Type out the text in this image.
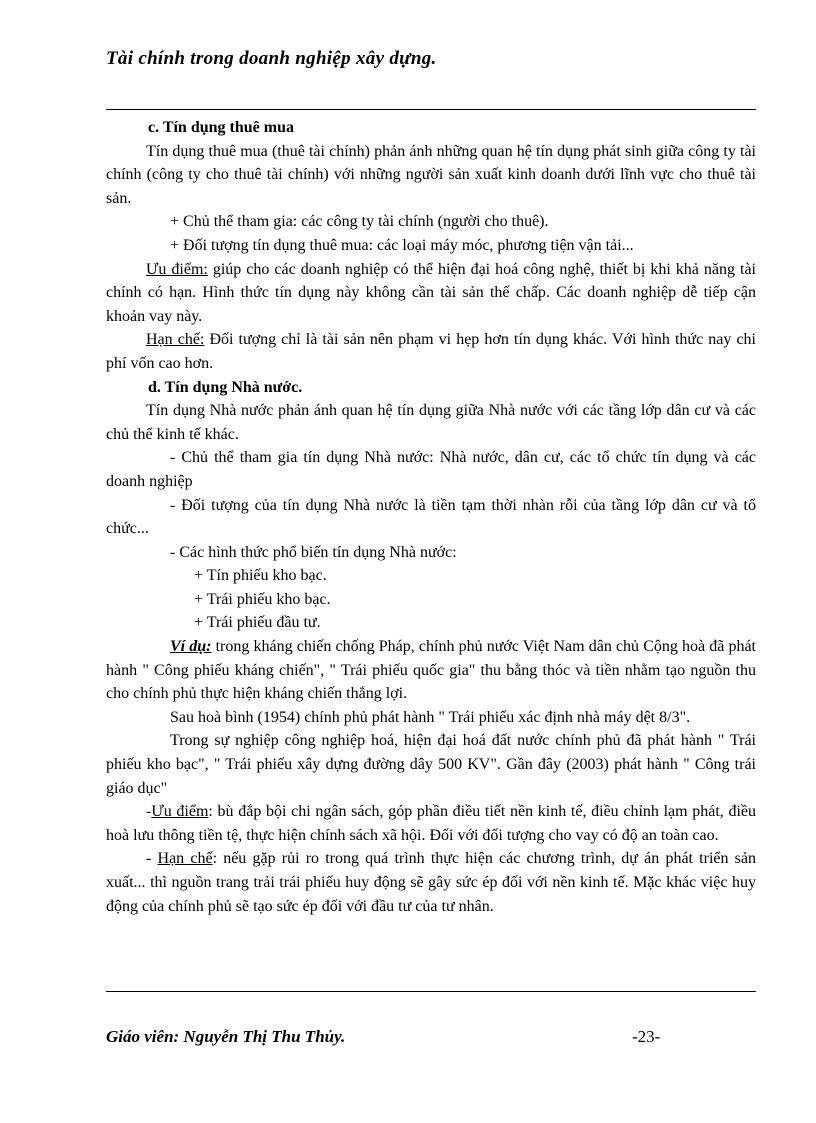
Tài chính trong doanh nghiệp xây dựng.

c. Tín dụng thuê mua

Tín dụng thuê mua (thuê tài chính) phản ánh những quan hệ tín dụng phát sinh giữa công ty tài chính (công ty cho thuê tài chính) với những người sản xuất kinh doanh dưới lĩnh vực cho thuê tài sản.

+ Chủ thể tham gia: các công ty tài chính (người cho thuê).

+ Đối tượng tín dụng thuê mua: các loại máy móc, phương tiện vận tải...

Ưu điểm: giúp cho các doanh nghiệp có thể hiện đại hoá công nghệ, thiết bị khi khả năng tài chính có hạn. Hình thức tín dụng này không cần tài sản thế chấp. Các doanh nghiệp dễ tiếp cận khoản vay này.

Hạn chế: Đối tượng chỉ là tài sản nên phạm vi hẹp hơn tín dụng khác. Với hình thức nay chi phí vốn cao hơn.

d. Tín dụng Nhà nước.

Tín dụng Nhà nước phản ánh quan hệ tín dụng giữa Nhà nước với các tầng lớp dân cư và các chủ thể kinh tế khác.

- Chủ thể tham gia tín dụng Nhà nước: Nhà nước, dân cư, các tổ chức tín dụng và các doanh nghiệp

- Đối tượng của tín dụng Nhà nước là tiền tạm thời nhàn rỗi của tầng lớp dân cư và tổ chức...

- Các hình thức phổ biến tín dụng Nhà nước:

+ Tín phiếu kho bạc.

+ Trái phiếu kho bạc.

+ Trái phiếu đầu tư.

Ví dụ: trong kháng chiến chống Pháp, chính phủ nước Việt Nam dân chủ Cộng hoà đã phát hành " Công phiếu kháng chiến", " Trái phiếu quốc gia" thu bằng thóc và tiền nhằm tạo nguồn thu cho chính phủ thực hiện kháng chiến thắng lợi.

Sau hoà bình (1954) chính phủ phát hành " Trái phiếu xác định nhà máy dệt 8/3".

Trong sự nghiệp công nghiệp hoá, hiện đại hoá đất nước chính phủ đã phát hành " Trái phiếu kho bạc", " Trái phiếu xây dựng đường dây 500 KV". Gần đây (2003) phát hành " Công trái giáo dục"

-Ưu điểm: bù đắp bội chi ngân sách, góp phần điều tiết nền kinh tế, điều chỉnh lạm phát, điều hoà lưu thông tiền tệ, thực hiện chính sách xã hội. Đối với đối tượng cho vay có độ an toàn cao.

- Hạn chế: nếu gặp rủi ro trong quá trình thực hiện các chương trình, dự án phát triển sản xuất... thì nguồn trang trải trái phiếu huy động sẽ gây sức ép đối với nền kinh tế. Mặc khác việc huy động của chính phủ sẽ tạo sức ép đối với đầu tư của tư nhân.

Giáo viên: Nguyễn Thị Thu Thủy.	-23-
